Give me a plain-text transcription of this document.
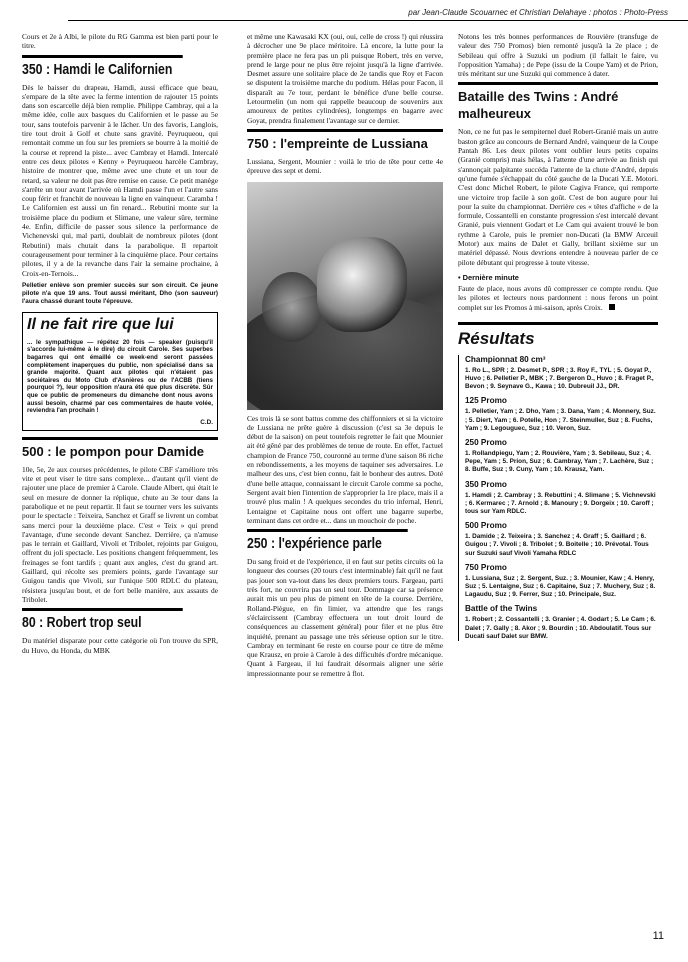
par Jean-Claude Scouarnec et Christian Delahaye : photos : Photo-Press

Cours et 2e à Albi, le pilote du RG Gamma est bien parti pour le titre.

350 : Hamdi le Californien

Dès le baisser du drapeau, Hamdi, aussi efficace que beau, s'empare de la tête avec la ferme intention de rajouter 15 points dans son escarcelle déjà bien remplie. Philippe Cambray, qui a la même idée, colle aux basques du Californien et le passe au 5e tour, sans toutefois parvenir à le lâcher. Un des favoris, Langlois, tire tout droit à Golf et chute sans gravité. Peyruqueou, qui remontait comme un fou sur les premiers se bourre à la moitié de la course et reprend la piste... avec Cambray et Hamdi. Intercalé entre ces deux pilotes « Kenny » Peyruqueou harcèle Cambray, histoire de montrer que, même avec une chute et un tour de retard, sa valeur ne doit pas être remise en cause. Ce petit manège s'arrête un tour avant l'arrivée où Hamdi passe l'un et l'autre sans coup férir et franchit de nouveau la ligne en vainqueur. Caramba ! Le Californien est aussi un fin renard... Rebutini monte sur la troisième place du podium et Slimane, une valeur sûre, termine 4e. Enfin, difficile de passer sous silence la performance de Vichenevski qui, mal parti, doublait de nombreux pilotes (dont Rebutini) mais chutait dans la parabolique. Il repartoit courageusement pour terminer à la cinquième place. Pour certains pilotes, il y a de la revanche dans l'air la semaine prochaine, à Croix-en-Ternois...

Pelletier enlève son premier succès sur son circuit. Ce jeune pilote n'a que 19 ans. Tout aussi méritant, Dho (son sauveur) l'aura chassé durant toute l'épreuve.

Il ne fait rire que lui

... le sympathique — répétez 20 fois — speaker (puisqu'il s'accorde lui-même à le dire) du circuit Carole. Ses superbes bagarres qui ont émaillé ce week-end seront passées complètement inaperçues du public, non spécialisé dans sa grande majorité. Quant aux pilotes qui n'étaient pas sociétaires du Moto Club d'Asnières ou de l'ACBB (tiens pourquoi ?), leur opposition n'aura été que plus discrète. Sûr que ce public de promeneurs du dimanche dont nous avons aussi besoin, charmé par ces commentaires de haute volée, reviendra l'an prochain !

C.D.
500 : le pompon pour Damide

10e, 5e, 2e aux courses précédentes, le pilote CBF s'améliore très vite et peut viser le titre sans complexe... d'autant qu'il vient de rajouter une place de premier à Carole. Claude Albert, qui était le seul en mesure de donner la réplique, chute au 3e tour dans la parabolique et ne peut repartir. Il faut se tourner vers les suivants pour le spectacle : Teixeira, Sanchez et Graff se livrent un combat sans merci pour la deuxième place. C'est « Teix » qui prend l'avantage, d'une seconde devant Sanchez. Derrière, ça n'amuse pas le terrain et Gaillard, Vivoli et Tribolet, rejoints par Guigou, offrent du joli spectacle. Les positions changent fréquemment, les freinages se font tardifs ; quant aux angles, c'est du grand art. Gaillard, qui récolte ses premiers points, garde l'avantage sur Guigou tandis que Vivoli, sur l'unique 500 RDLC du plateau, résistera jusqu'au bout, et de fort belle manière, aux assauts de Tribolet.

80 : Robert trop seul

Du matériel disparate pour cette catégorie où l'on trouve du SPR, du Huvo, du Honda, du MBK

et même une Kawasaki KX (oui, oui, celle de cross !) qui réussira à décrocher une 9e place méritoire. Là encore, la lutte pour la première place ne fera pas un pli puisque Robert, très en verve, prend le large pour ne plus être rejoint jusqu'à la ligne d'arrivée. Desmet assure une solitaire place de 2e tandis que Roy et Facon se disputent la troisième marche du podium. Hélas pour Facon, il disparaît au 7e tour, perdant le bénéfice d'une belle course. Letourmelin (un nom qui rappelle beaucoup de souvenirs aux amoureux de petites cylindrées), longtemps en bagarre avec Goyat, prendra finalement l'avantage sur ce dernier.

750 : l'empreinte de Lussiana

Lussiana, Sergent, Mounier : voilà le trio de tête pour cette 4e épreuve des sept et demi.

Ces trois là se sont battus comme des chiffonniers et si la victoire de Lussiana ne prête guère à discussion (c'est sa 3e depuis le début de la saison) on peut toutefois regretter le fait que Mounier ait été gêné par des problèmes de tenue de route. En effet, l'actuel champion de France 750, couronné au terme d'une saison 86 riche en rebondissements, a les moyens de taquiner ses adversaires. Le malheur des uns, c'est bien connu, fait le bonheur des autres. Doté d'une belle attaque, connaissant le circuit Carole comme sa poche, Sergent avait bien l'intention de s'approprier la 1re place, mais il a trouvé plus malin ! A quelques secondes du trio infernal, Henri, Lentaigne et Capitaine nous ont offert une bagarre superbe, terminant dans cet ordre et... dans un mouchoir de poche.

250 : l'expérience parle

Du sang froid et de l'expérience, il en faut sur petits circuits où la longueur des courses (20 tours c'est interminable) fait qu'il ne faut pas jouer son va-tout dans les deux premiers tours. Fargeau, parti très fort, ne couvrira pas un seul tour. Dommage car sa présence aurait mis un peu plus de piment en tête de la course. Derrière, Rolland-Piègue, en fin limier, va attendre que les rangs s'éclaircissent (Cambray effectuera un tout droit lourd de conséquences au classement général) pour filer et ne plus être inquiété, prenant au passage une très sérieuse option sur le titre. Cambray en terminant 6e reste en course pour ce titre de même que Krausz, en proie à Carole à des difficultés d'ordre mécanique. Quant à Fargeau, il lui faudrait désormais aligner une série impressionnante pour se remettre à flot.

Notons les très bonnes performances de Rouvière (transfuge de valeur des 750 Promos) bien remonté jusqu'à la 2e place ; de Sebileau qui offre à Suzuki un podium (il fallait le faire, vu l'opposition Yamaha) ; de Pepe (issu de la Coupe Yam) et de Prion, très méritant sur une Suzuki qui commence à dater.

Bataille des Twins : André malheureux

Non, ce ne fut pas le sempiternel duel Robert-Granié mais un autre baston grâce au concours de Bernard André, vainqueur de la Coupe Pantah 86. Les deux pilotes vont oublier leurs petits copains (Granié compris) mais hélas, à l'attente d'une arrivée au finish qui s'annonçait palpitante succéda l'attente de la chute d'André, depuis qu'une fumée s'échappait du côté gauche de la Ducati Y.E. Motori. C'est donc Michel Robert, le pilote Cagiva France, qui remporte une victoire trop facile à son goût. C'est de bon augure pour lui pour la suite du championnat. Derrière ces « têtes d'affiche » de la formule, Cossantelli en constante progression s'est intercalé devant Granié, puis viennent Godart et Le Cam qui avaient trouvé le bon rythme à Carole, puis le premier non-Ducati (la BMW Arceuil Motor) aux mains de Dalet et Gally, brillant sixième sur un matériel dépassé. Nous devrions entendre à nouveau parler de ce pilote débutant qui progresse à toute vitesse.

• Dernière minute

Faute de place, nous avons dû compresser ce compte rendu. Que les pilotes et lecteurs nous pardonnent : nous ferons un point complet sur les Promos à mi-saison, après Croix.

Résultats
Championnat 80 cm³
1. Ro L., SPR ; 2. Desmet P., SPR ; 3. Roy F., TYL ; 5. Goyat P., Huvo ; 6. Pelletier P., MBK ; 7. Bergeron D., Huvo ; 8. Fraget P., Bevon ; 9. Seynave G., Kawa ; 10. Dubreuil JJ., DR.
125 Promo
1. Pelletier, Yam ; 2. Dho, Yam ; 3. Dana, Yam ; 4. Monnery, Suz. ; 5. Diert, Yam ; 6. Potelle, Hon ; 7. Steinmuller, Suz ; 8. Fuchs, Yam ; 9. Legouguec, Suz ; 10. Veron, Suz.
250 Promo
1. Rollandpiegu, Yam ; 2. Rouvière, Yam ; 3. Sebileau, Suz ; 4. Pepe, Yam ; 5. Prion, Suz ; 6. Cambray, Yam ; 7. Lachère, Suz ; 8. Buffe, Suz ; 9. Cuny, Yam ; 10. Krausz, Yam.
350 Promo
1. Hamdi ; 2. Cambray ; 3. Rebuttini ; 4. Slimane ; 5. Vichnevski ; 6. Kermarec ; 7. Arnold ; 8. Manoury ; 9. Dorgeix ; 10. Caroff ; tous sur Yam RDLC.
500 Promo
1. Damide ; 2. Teixeira ; 3. Sanchez ; 4. Graff ; 5. Gaillard ; 6. Guigou ; 7. Vivoli ; 8. Tribolet ; 9. Boitelle ; 10. Prévotal. Tous sur Suzuki sauf Vivoli Yamaha RDLC
750 Promo
1. Lussiana, Suz ; 2. Sergent, Suz. ; 3. Mounier, Kaw ; 4. Henry, Suz ; 5. Lentaigne, Suz ; 6. Capitaine, Suz ; 7. Muchery, Suz ; 8. Lagaudu, Suz ; 9. Ferrer, Suz ; 10. Principale, Suz.
Battle of the Twins
1. Robert ; 2. Cossantelli ; 3. Granier ; 4. Godart ; 5. Le Cam ; 6. Dalet ; 7. Gally ; 8. Akor ; 9. Bourdin ; 10. Abdoulatif. Tous sur Ducati sauf Dalet sur BMW.
11
